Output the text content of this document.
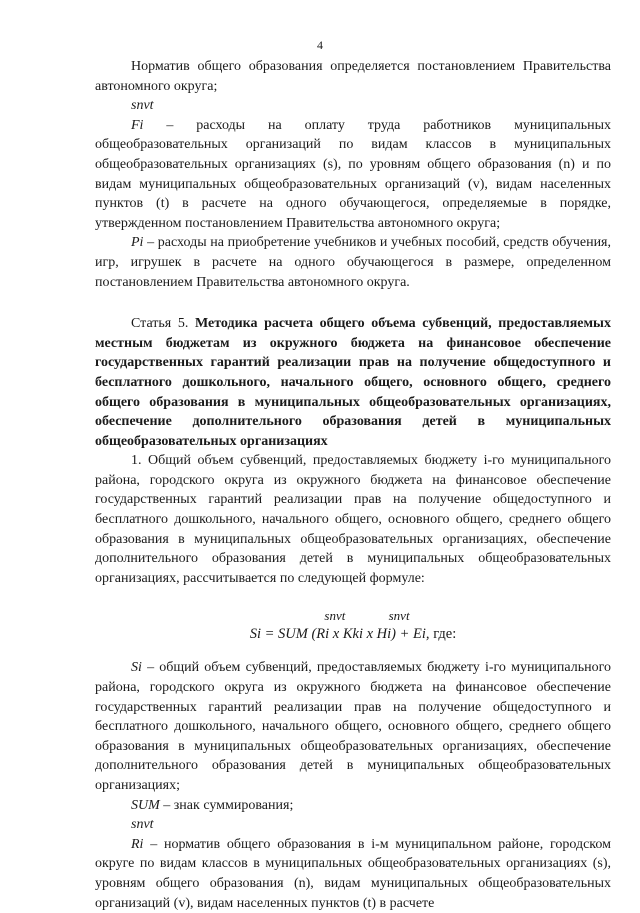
4

Норматив общего образования определяется постановлением Правительства автономного округа;

snvt

Fi – расходы на оплату труда работников муниципальных общеобразовательных организаций по видам классов в муниципальных общеобразовательных организациях (s), по уровням общего образования (n) и по видам муниципальных общеобразовательных организаций (v), видам населенных пунктов (t) в расчете на одного обучающегося, определяемые в порядке, утвержденном постановлением Правительства автономного округа;

Pi – расходы на приобретение учебников и учебных пособий, средств обучения, игр, игрушек в расчете на одного обучающегося в размере, определенном постановлением Правительства автономного округа.

Статья 5. Методика расчета общего объема субвенций, предоставляемых местным бюджетам из окружного бюджета на финансовое обеспечение государственных гарантий реализации прав на получение общедоступного и бесплатного дошкольного, начального общего, основного общего, среднего общего образования в муниципальных общеобразовательных организациях, обеспечение дополнительного образования детей в муниципальных общеобразовательных организациях

1. Общий объем субвенций, предоставляемых бюджету i-го муниципального района, городского округа из окружного бюджета на финансовое обеспечение государственных гарантий реализации прав на получение общедоступного и бесплатного дошкольного, начального общего, основного общего, среднего общего образования в муниципальных общеобразовательных организациях, обеспечение дополнительного образования детей в муниципальных общеобразовательных организациях, рассчитывается по следующей формуле:

snvt	snvt
Si = SUM (Ri x Kki x Hi) + Ei, где:

Si – общий объем субвенций, предоставляемых бюджету i-го муниципального района, городского округа из окружного бюджета на финансовое обеспечение государственных гарантий реализации прав на получение общедоступного и бесплатного дошкольного, начального общего, основного общего, среднего общего образования в муниципальных общеобразовательных организациях, обеспечение дополнительного образования детей в муниципальных общеобразовательных организациях;

SUM – знак суммирования;

snvt

Ri – норматив общего образования в i-м муниципальном районе, городском округе по видам классов в муниципальных общеобразовательных организациях (s), уровням общего образования (n), видам муниципальных общеобразовательных организаций (v), видам населенных пунктов (t) в расчете
